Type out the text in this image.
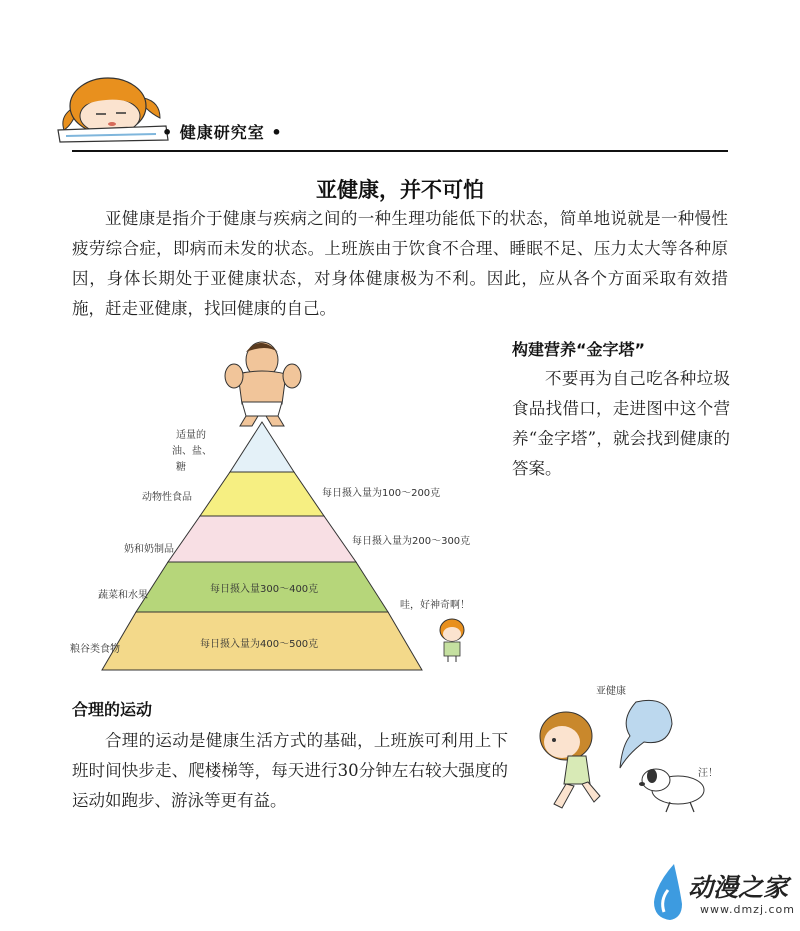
• 健康研究室 •
亚健康，并不可怕

亚健康是指介于健康与疾病之间的一种生理功能低下的状态，简单地说就是一种慢性疲劳综合症，即病而未发的状态。上班族由于饮食不合理、睡眠不足、压力太大等各种原因，身体长期处于亚健康状态，对身体健康极为不利。因此，应从各个方面采取有效措施，赶走亚健康，找回健康的自己。

构建营养“金字塔”

不要再为自己吃各种垃圾食品找借口，走进图中这个营养“金字塔”，就会找到健康的答案。

适量的
油、盐、
糖
动物性食品
奶和奶制品
蔬菜和水果
粮谷类食物
每日摄入量为100～200克
每日摄入量为200～300克
每日摄入量300～400克
每日摄入量为400～500克
哇，好神奇啊！
合理的运动

合理的运动是健康生活方式的基础，上班族可利用上下班时间快步走、爬楼梯等，每天进行30分钟左右较大强度的运动如跑步、游泳等更有益。

亚健康
汪！
动漫之家
www.dmzj.com
